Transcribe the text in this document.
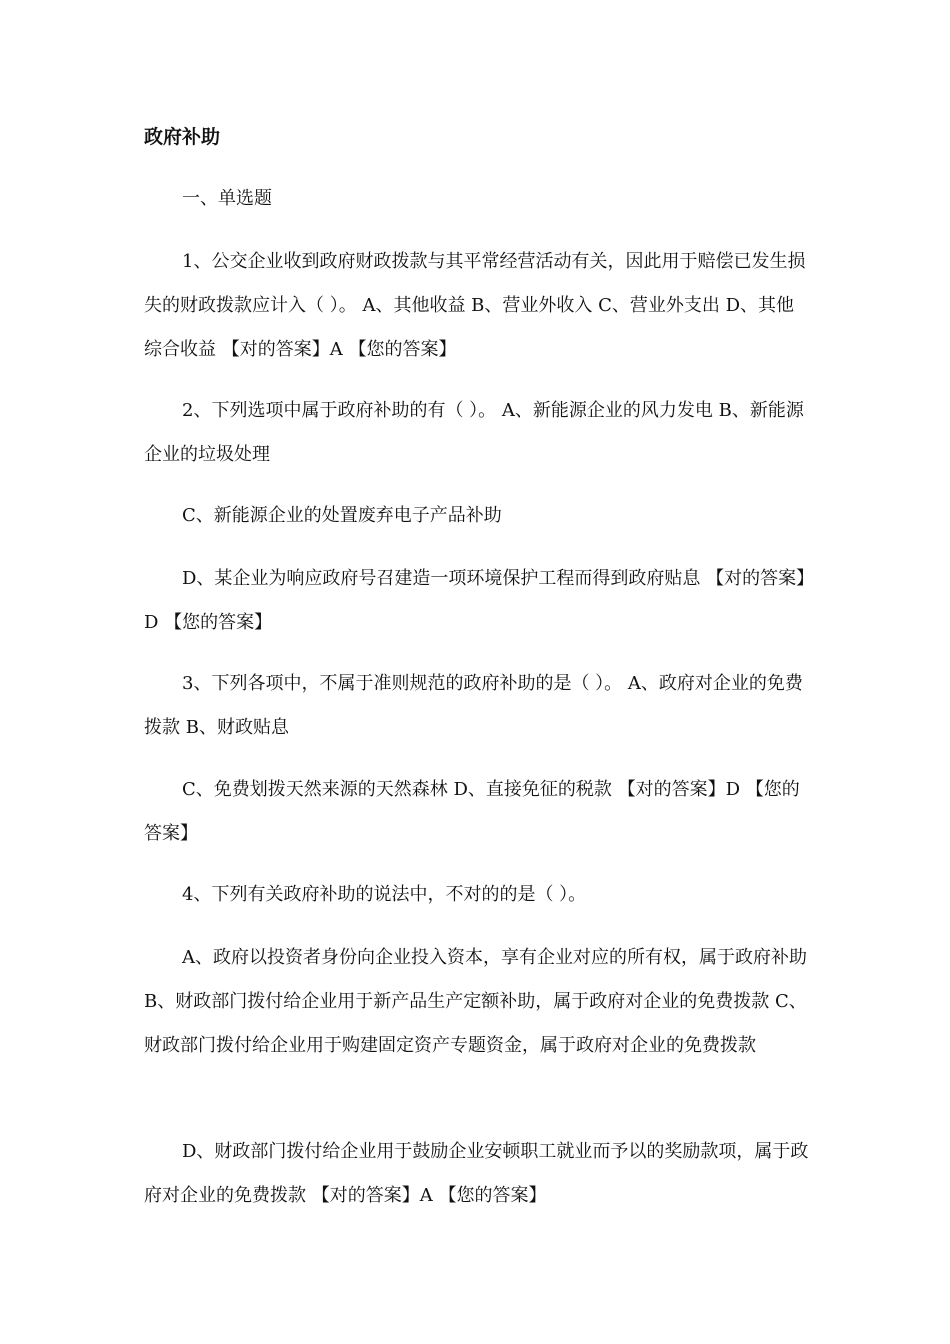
政府补助

一、单选题

1、公交企业收到政府财政拨款与其平常经营活动有关，因此用于赔偿已发生损失的财政拨款应计入（ ）。 A、其他收益 B、营业外收入 C、营业外支出 D、其他综合收益 【对的答案】A 【您的答案】

2、下列选项中属于政府补助的有（ ）。 A、新能源企业的风力发电 B、新能源企业的垃圾处理

C、新能源企业的处置废弃电子产品补助

D、某企业为响应政府号召建造一项环境保护工程而得到政府贴息 【对的答案】D 【您的答案】

3、下列各项中，不属于准则规范的政府补助的是（ ）。 A、政府对企业的免费拨款 B、财政贴息

C、免费划拨天然来源的天然森林 D、直接免征的税款 【对的答案】D 【您的答案】

4、下列有关政府补助的说法中，不对的的是（ ）。

A、政府以投资者身份向企业投入资本，享有企业对应的所有权，属于政府补助 B、财政部门拨付给企业用于新产品生产定额补助，属于政府对企业的免费拨款 C、财政部门拨付给企业用于购建固定资产专题资金，属于政府对企业的免费拨款

D、财政部门拨付给企业用于鼓励企业安顿职工就业而予以的奖励款项，属于政府对企业的免费拨款 【对的答案】A 【您的答案】
